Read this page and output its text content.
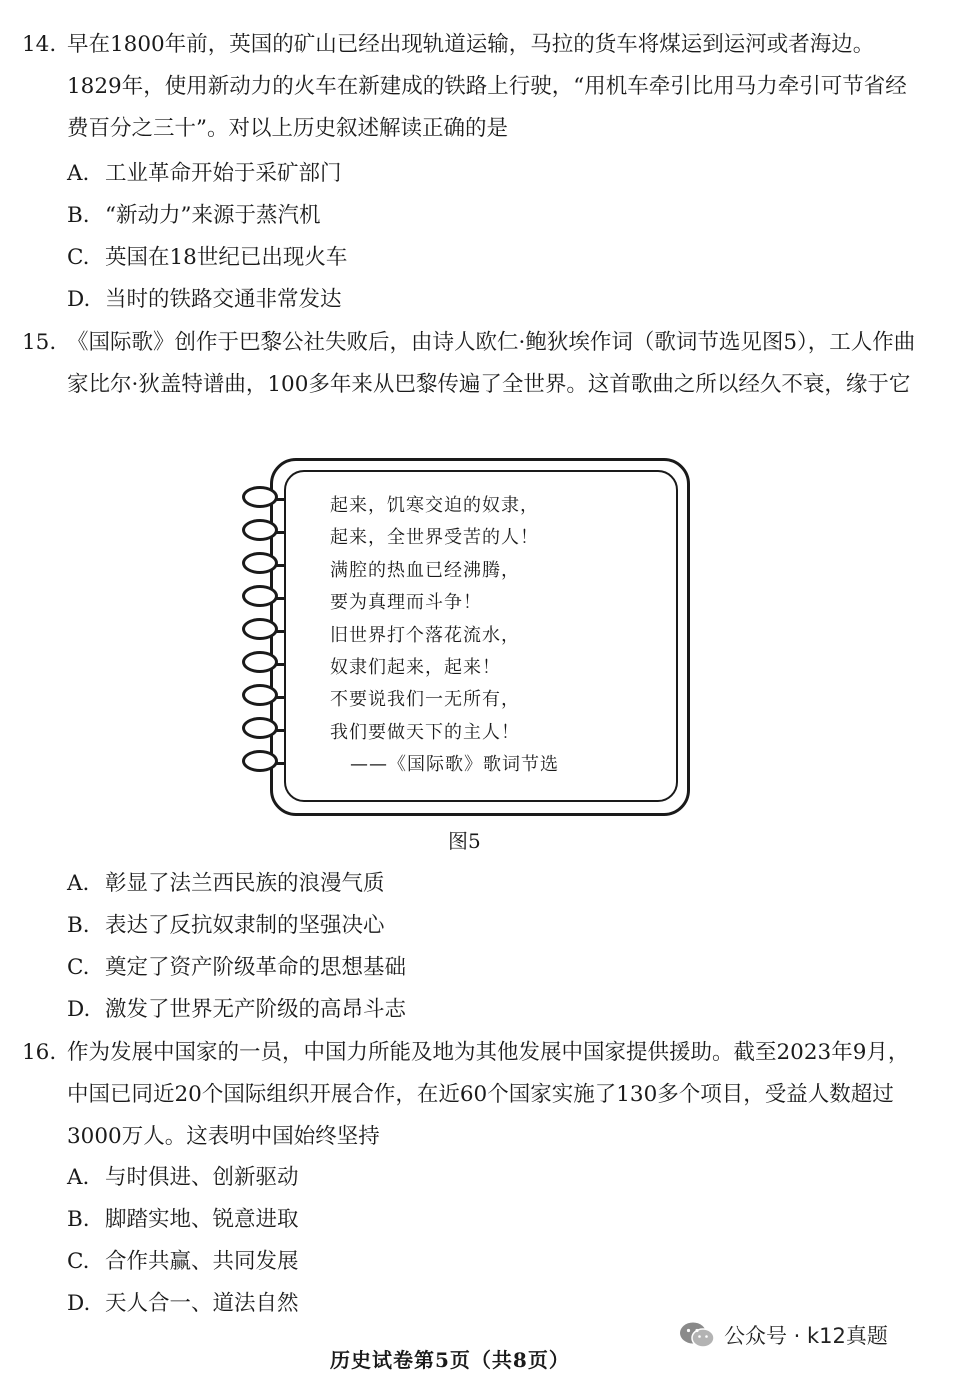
14. 早在1800年前，英国的矿山已经出现轨道运输，马拉的货车将煤运到运河或者海边。1829年，使用新动力的火车在新建成的铁路上行驶，“用机车牵引比用马力牵引可节省经费百分之三十”。对以上历史叙述解读正确的是
A. 工业革命开始于采矿部门
B. “新动力”来源于蒸汽机
C. 英国在18世纪已出现火车
D. 当时的铁路交通非常发达
15. 《国际歌》创作于巴黎公社失败后，由诗人欧仁·鲍狄埃作词（歌词节选见图5），工人作曲家比尔·狄盖特谱曲，100多年来从巴黎传遍了全世界。这首歌曲之所以经久不衰，缘于它
起来，饥寒交迫的奴隶，
起来，全世界受苦的人！
满腔的热血已经沸腾，
要为真理而斗争！
旧世界打个落花流水，
奴隶们起来，起来！
不要说我们一无所有，
我们要做天下的主人！
——《国际歌》歌词节选
图5
A. 彰显了法兰西民族的浪漫气质
B. 表达了反抗奴隶制的坚强决心
C. 奠定了资产阶级革命的思想基础
D. 激发了世界无产阶级的高昂斗志
16. 作为发展中国家的一员，中国力所能及地为其他发展中国家提供援助。截至2023年9月，中国已同近20个国际组织开展合作，在近60个国家实施了130多个项目，受益人数超过3000万人。这表明中国始终坚持
A. 与时俱进、创新驱动
B. 脚踏实地、锐意进取
C. 合作共赢、共同发展
D. 天人合一、道法自然
公众号 · k12真题
历史试卷第5页（共8页）
